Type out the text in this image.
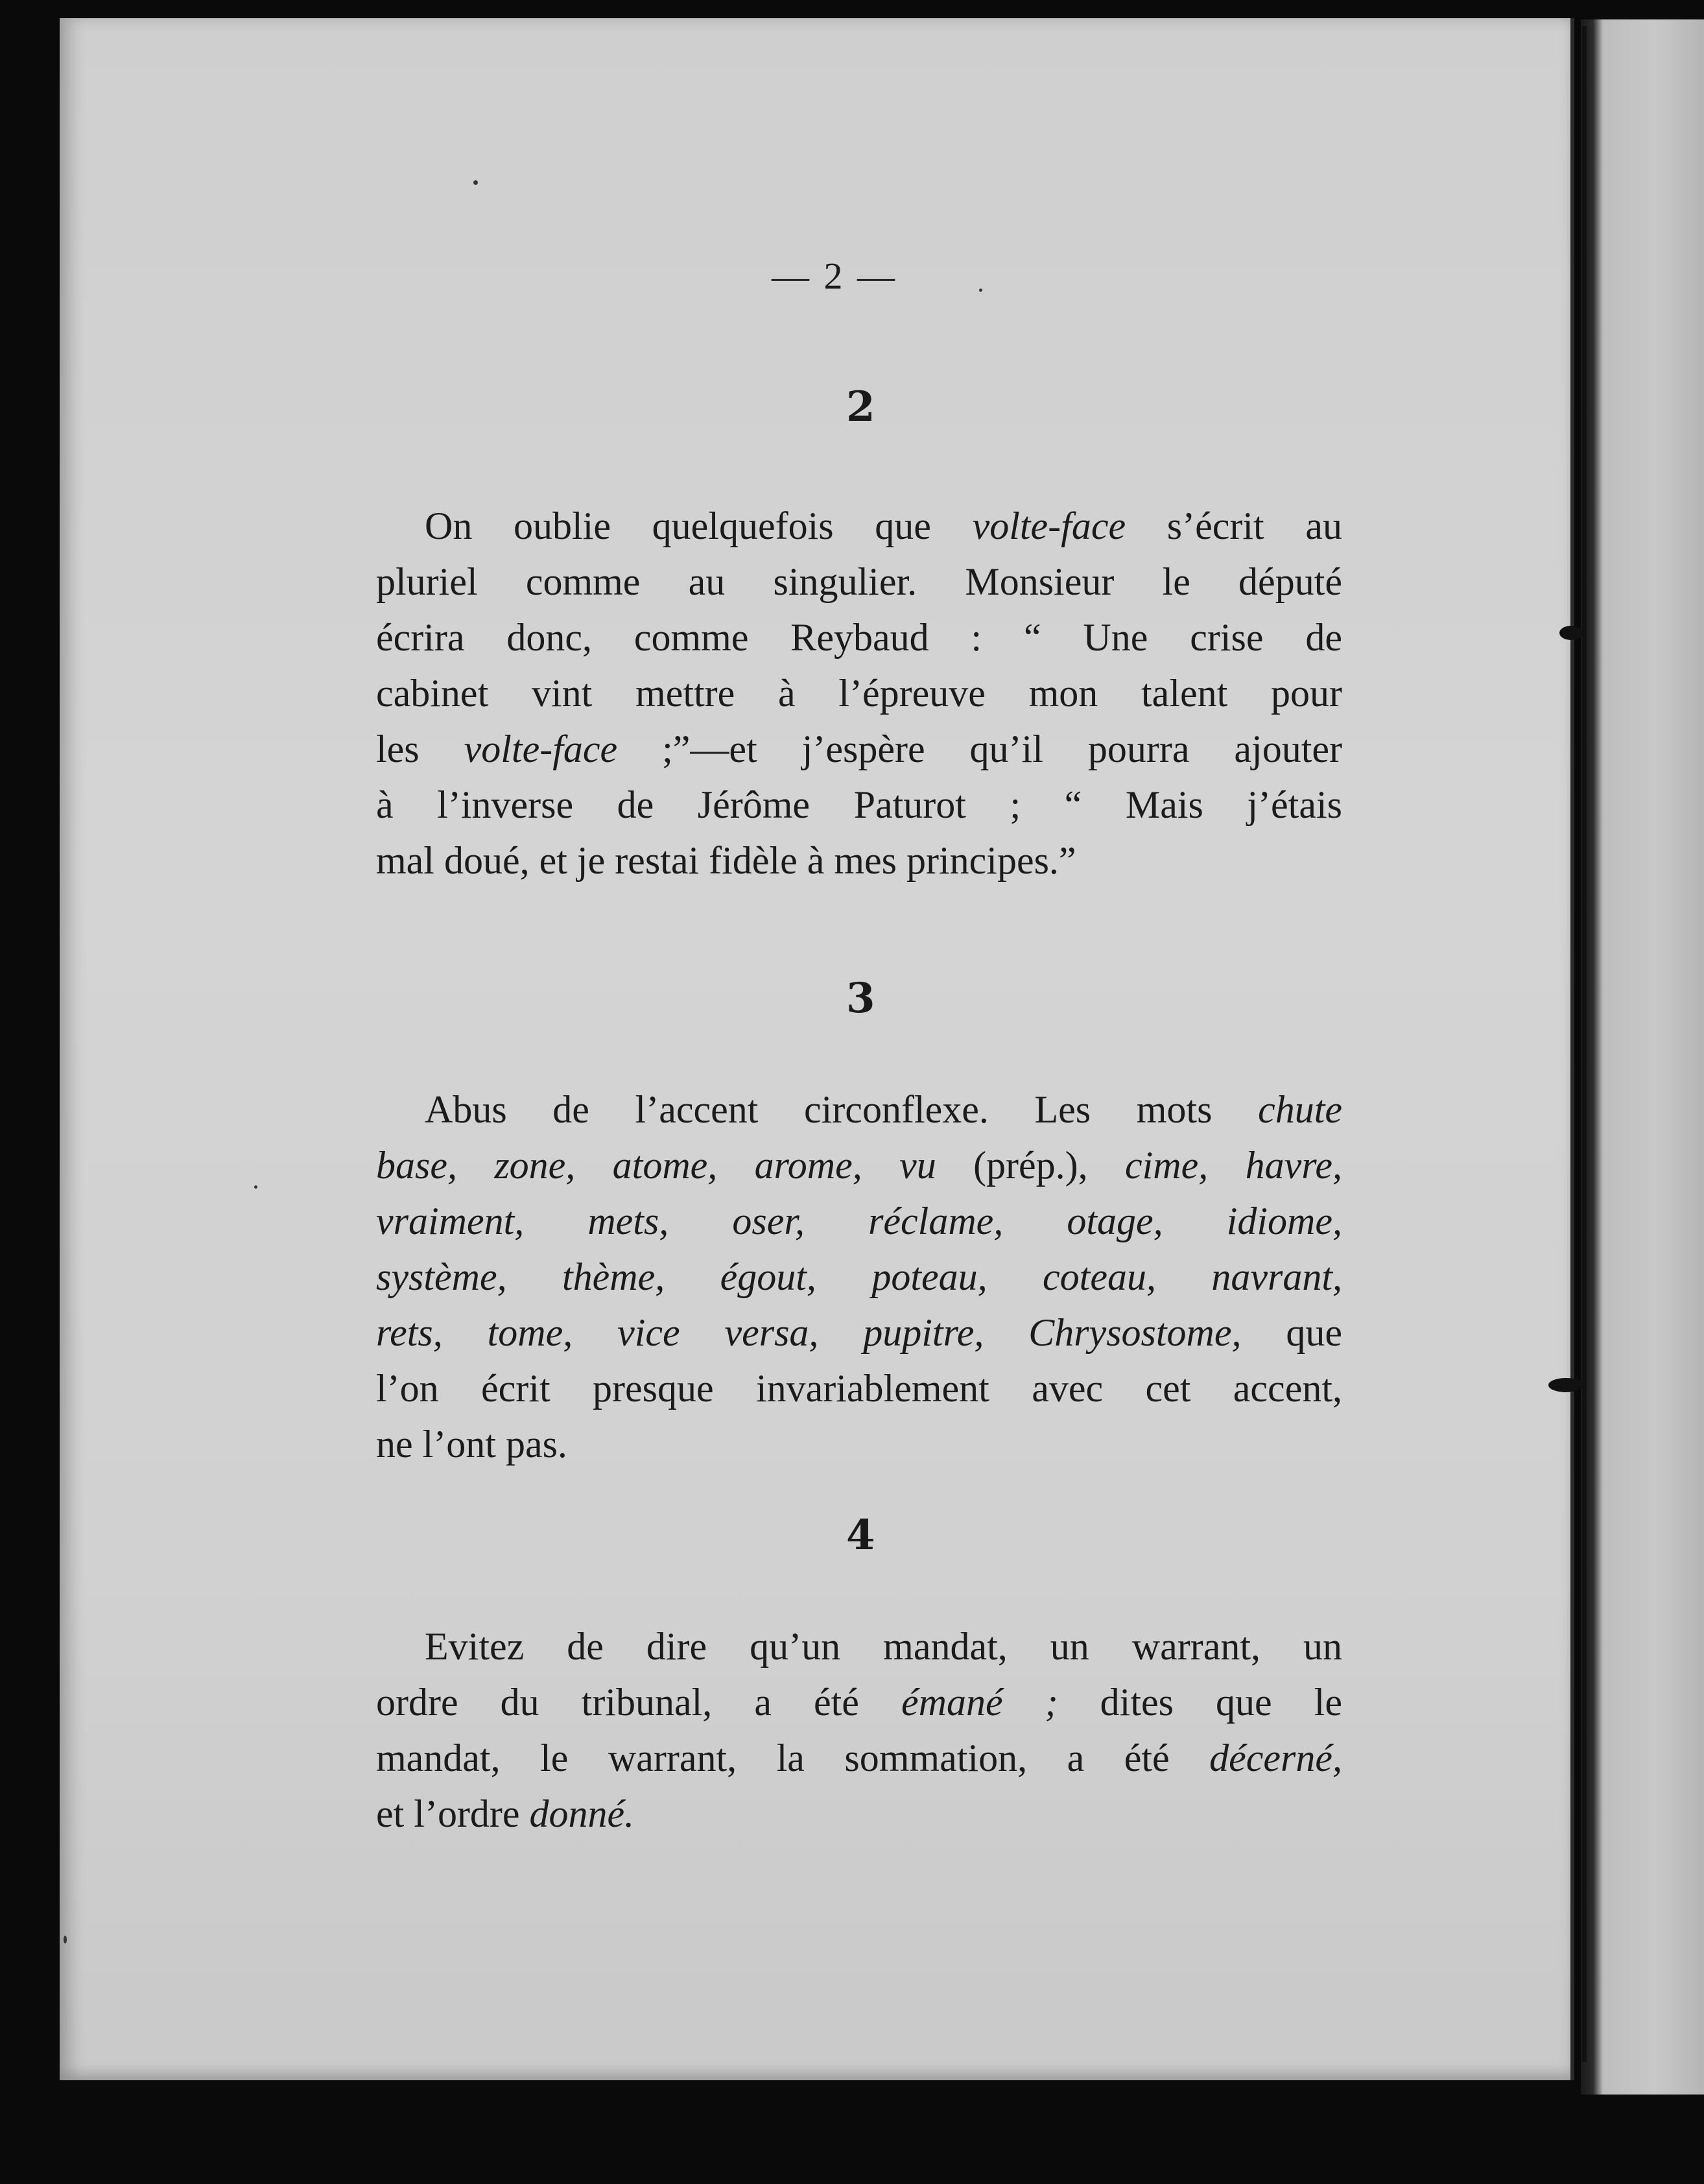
— 2 —
2
On oublie quelquefois que volte-face s’écrit au
pluriel comme au singulier. Monsieur le député
écrira donc, comme Reybaud : “ Une crise de
cabinet vint mettre à l’épreuve mon talent pour
les volte-face ;”—et j’espère qu’il pourra ajouter
à l’inverse de Jérôme Paturot ; “ Mais j’étais
mal doué, et je restai fidèle à mes principes.”
3
Abus de l’accent circonflexe. Les mots chute
base, zone, atome, arome, vu (prép.), cime, havre,
vraiment, mets, oser, réclame, otage, idiome,
système, thème, égout, poteau, coteau, navrant,
rets, tome, vice versa, pupitre, Chrysostome, que
l’on écrit presque invariablement avec cet accent,
ne l’ont pas.
4
Evitez de dire qu’un mandat, un warrant, un
ordre du tribunal, a été émané ; dites que le
mandat, le warrant, la sommation, a été décerné,
et l’ordre donné.
